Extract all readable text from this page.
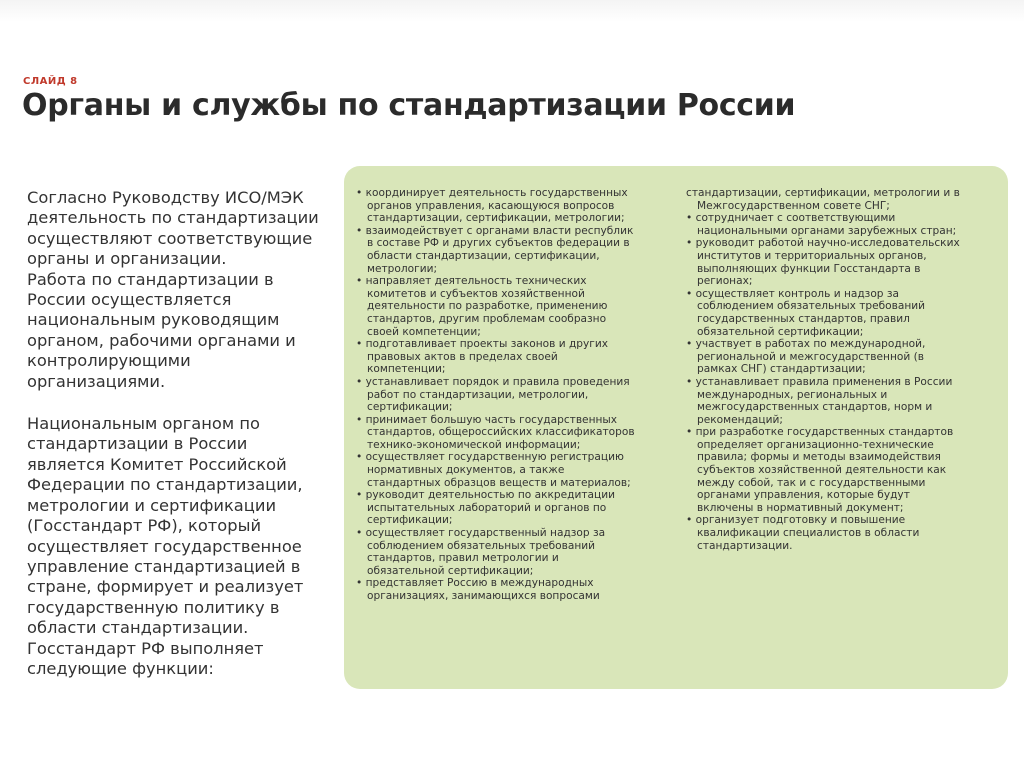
СЛАЙД 8
Органы и службы по стандартизации России

Согласно Руководству ИСО/МЭК
деятельность по стандартизации
осуществляют соответствующие
органы и организации.
Работа по стандартизации в
России осуществляется
национальным руководящим
органом, рабочими органами и
контролирующими
организациями.

Национальным органом по
стандартизации в России
является Комитет Российской
Федерации по стандартизации,
метрологии и сертификации
(Госстандарт РФ), который
осуществляет государственное
управление стандартизацией в
стране, формирует и реализует
государственную политику в
области стандартизации.
Госстандарт РФ выполняет
следующие функции:

• координирует деятельность государственных
органов управления, касающуюся вопросов
стандартизации, сертификации, метрологии;
• взаимодействует с органами власти республик
в составе РФ и других субъектов федерации в
области стандартизации, сертификации,
метрологии;
• направляет деятельность технических
комитетов и субъектов хозяйственной
деятельности по разработке, применению
стандартов, другим проблемам сообразно
своей компетенции;
• подготавливает проекты законов и других
правовых актов в пределах своей
компетенции;
• устанавливает порядок и правила проведения
работ по стандартизации, метрологии,
сертификации;
• принимает большую часть государственных
стандартов, общероссийских классификаторов
технико-экономической информации;
• осуществляет государственную регистрацию
нормативных документов, а также
стандартных образцов веществ и материалов;
• руководит деятельностью по аккредитации
испытательных лабораторий и органов по
сертификации;
• осуществляет государственный надзор за
соблюдением обязательных требований
стандартов, правил метрологии и
обязательной сертификации;
• представляет Россию в международных
организациях, занимающихся вопросами
стандартизации, сертификации, метрологии и в
Межгосударственном совете СНГ;
• сотрудничает с соответствующими
национальными органами зарубежных стран;
• руководит работой научно-исследовательских
институтов и территориальных органов,
выполняющих функции Госстандарта в
регионах;
• осуществляет контроль и надзор за
соблюдением обязательных требований
государственных стандартов, правил
обязательной сертификации;
• участвует в работах по международной,
региональной и межгосударственной (в
рамках СНГ) стандартизации;
• устанавливает правила применения в России
международных, региональных и
межгосударственных стандартов, норм и
рекомендаций;
• при разработке государственных стандартов
определяет организационно-технические
правила; формы и методы взаимодействия
субъектов хозяйственной деятельности как
между собой, так и с государственными
органами управления, которые будут
включены в нормативный документ;
• организует подготовку и повышение
квалификации специалистов в области
стандартизации.
